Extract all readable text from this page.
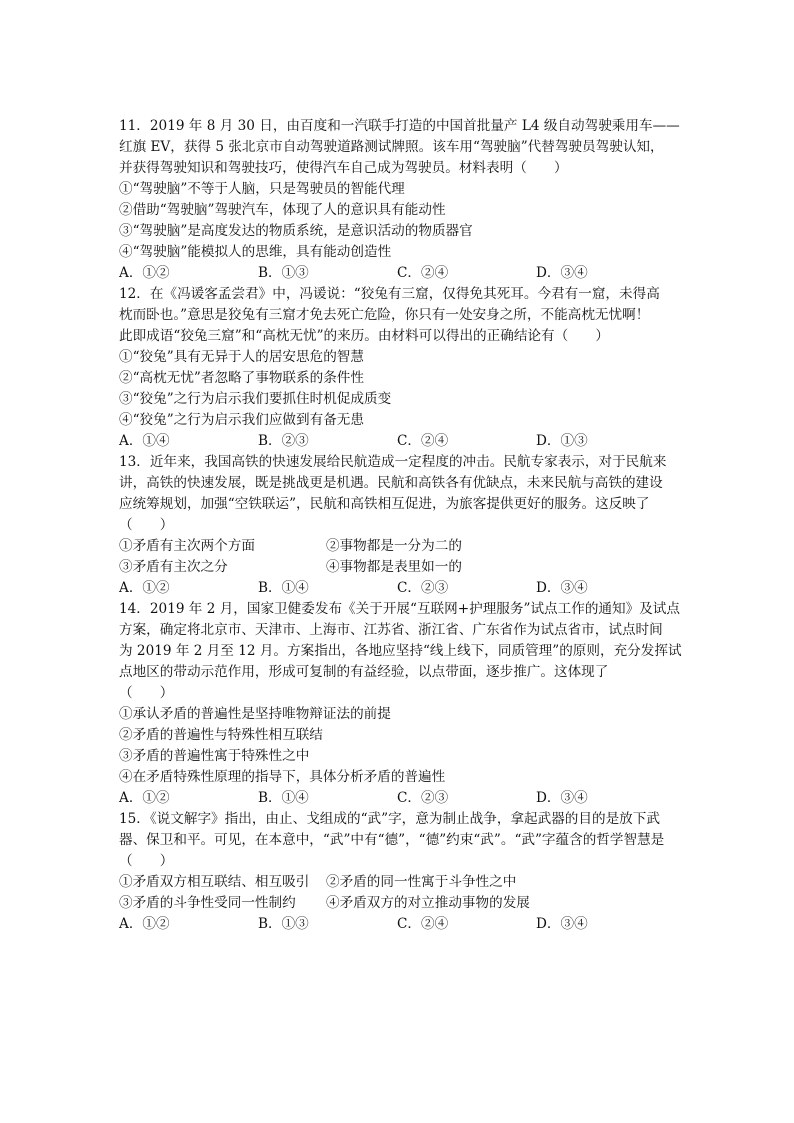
11．2019 年 8 月 30 日，由百度和一汽联手打造的中国首批量产 L4 级自动驾驶乘用车——
红旗 EV，获得 5 张北京市自动驾驶道路测试牌照。该车用“驾驶脑”代替驾驶员驾驶认知，
并获得驾驶知识和驾驶技巧，使得汽车自己成为驾驶员。材料表明（　　）
①“驾驶脑”不等于人脑，只是驾驶员的智能代理
②借助“驾驶脑”驾驶汽车，体现了人的意识具有能动性
③“驾驶脑”是高度发达的物质系统，是意识活动的物质器官
④“驾驶脑”能模拟人的思维，具有能动创造性
A．①②	B．①③	C．②④	D．③④
12．在《冯谖客孟尝君》中，冯谖说：“狡兔有三窟，仅得免其死耳。今君有一窟，未得高
枕而卧也。”意思是狡兔有三窟才免去死亡危险，你只有一处安身之所，不能高枕无忧啊！
此即成语“狡兔三窟”和“高枕无忧”的来历。由材料可以得出的正确结论有（　　）
①“狡兔”具有无异于人的居安思危的智慧
②“高枕无忧”者忽略了事物联系的条件性
③“狡兔”之行为启示我们要抓住时机促成质变
④“狡兔”之行为启示我们应做到有备无患
A．①④	B．②③	C．②④	D．①③
13．近年来，我国高铁的快速发展给民航造成一定程度的冲击。民航专家表示，对于民航来
讲，高铁的快速发展，既是挑战更是机遇。民航和高铁各有优缺点，未来民航与高铁的建设
应统筹规划，加强“空铁联运”，民航和高铁相互促进，为旅客提供更好的服务。这反映了
（　　）
①矛盾有主次两个方面	②事物都是一分为二的
③矛盾有主次之分	④事物都是表里如一的
A．①②	B．①④	C．②③	D．③④
14．2019 年 2 月，国家卫健委发布《关于开展“互联网+护理服务”试点工作的通知》及试点
方案，确定将北京市、天津市、上海市、江苏省、浙江省、广东省作为试点省市，试点时间
为 2019 年 2 月至 12 月。方案指出，各地应坚持“线上线下，同质管理”的原则，充分发挥试
点地区的带动示范作用，形成可复制的有益经验，以点带面，逐步推广。这体现了
（　　）
①承认矛盾的普遍性是坚持唯物辩证法的前提
②矛盾的普遍性与特殊性相互联结
③矛盾的普遍性寓于特殊性之中
④在矛盾特殊性原理的指导下，具体分析矛盾的普遍性
A．①②	B．①④	C．②③	D．③④
15．《说文解字》指出，由止、戈组成的“武”字，意为制止战争，拿起武器的目的是放下武
器、保卫和平。可见，在本意中，“武”中有“德”，“德”约束“武”。“武”字蕴含的哲学智慧是
（　　）
①矛盾双方相互联结、相互吸引	②矛盾的同一性寓于斗争性之中
③矛盾的斗争性受同一性制约	④矛盾双方的对立推动事物的发展
A．①②	B．①③	C．②④	D．③④
